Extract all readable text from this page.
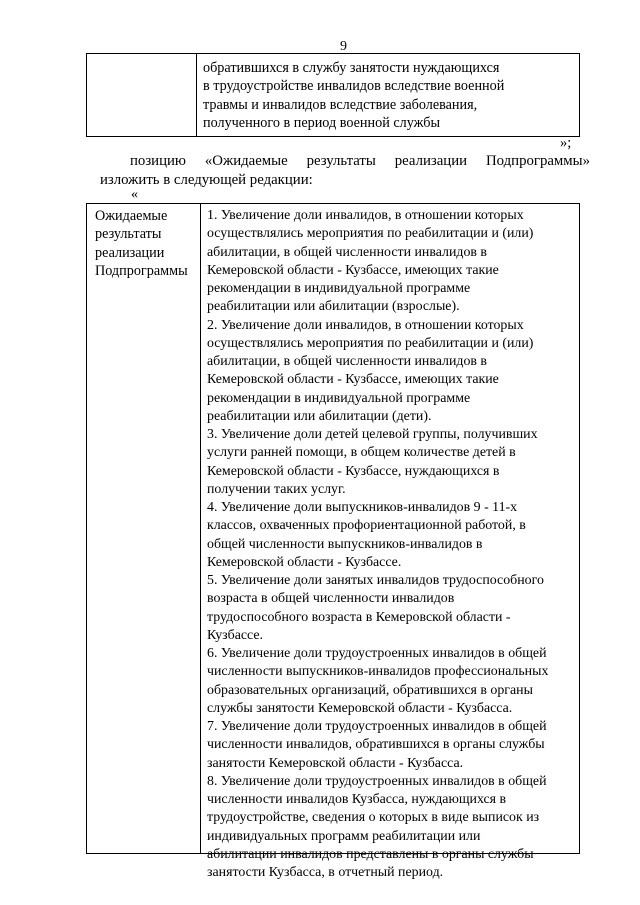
9
обратившихся в службу занятости нуждающихся
в трудоустройстве инвалидов вследствие военной
травмы и инвалидов вследствие заболевания,
полученного в период военной службы
»;
позицию «Ожидаемые результаты реализации Подпрограммы»
изложить в следующей редакции:
«
Ожидаемые
результаты
реализации
Подпрограммы
1. Увеличение доли инвалидов, в отношении которых
осуществлялись мероприятия по реабилитации и (или)
абилитации, в общей численности инвалидов в
Кемеровской области - Кузбассе, имеющих такие
рекомендации в индивидуальной программе
реабилитации или абилитации (взрослые).
2. Увеличение доли инвалидов, в отношении которых
осуществлялись мероприятия по реабилитации и (или)
абилитации, в общей численности инвалидов в
Кемеровской области - Кузбассе, имеющих такие
рекомендации в индивидуальной программе
реабилитации или абилитации (дети).
3. Увеличение доли детей целевой группы, получивших
услуги ранней помощи, в общем количестве детей в
Кемеровской области - Кузбассе, нуждающихся в
получении таких услуг.
4. Увеличение доли выпускников-инвалидов 9 - 11-х
классов, охваченных профориентационной работой, в
общей численности выпускников-инвалидов в
Кемеровской области - Кузбассе.
5. Увеличение доли занятых инвалидов трудоспособного
возраста в общей численности инвалидов
трудоспособного возраста в Кемеровской области -
Кузбассе.
6. Увеличение доли трудоустроенных инвалидов в общей
численности выпускников-инвалидов профессиональных
образовательных организаций, обратившихся в органы
службы занятости Кемеровской области - Кузбасса.
7. Увеличение доли трудоустроенных инвалидов в общей
численности инвалидов, обратившихся в органы службы
занятости Кемеровской области - Кузбасса.
8. Увеличение доли трудоустроенных инвалидов в общей
численности инвалидов Кузбасса, нуждающихся в
трудоустройстве, сведения о которых в виде выписок из
индивидуальных программ реабилитации или
абилитации инвалидов представлены в органы службы
занятости Кузбасса, в отчетный период.
